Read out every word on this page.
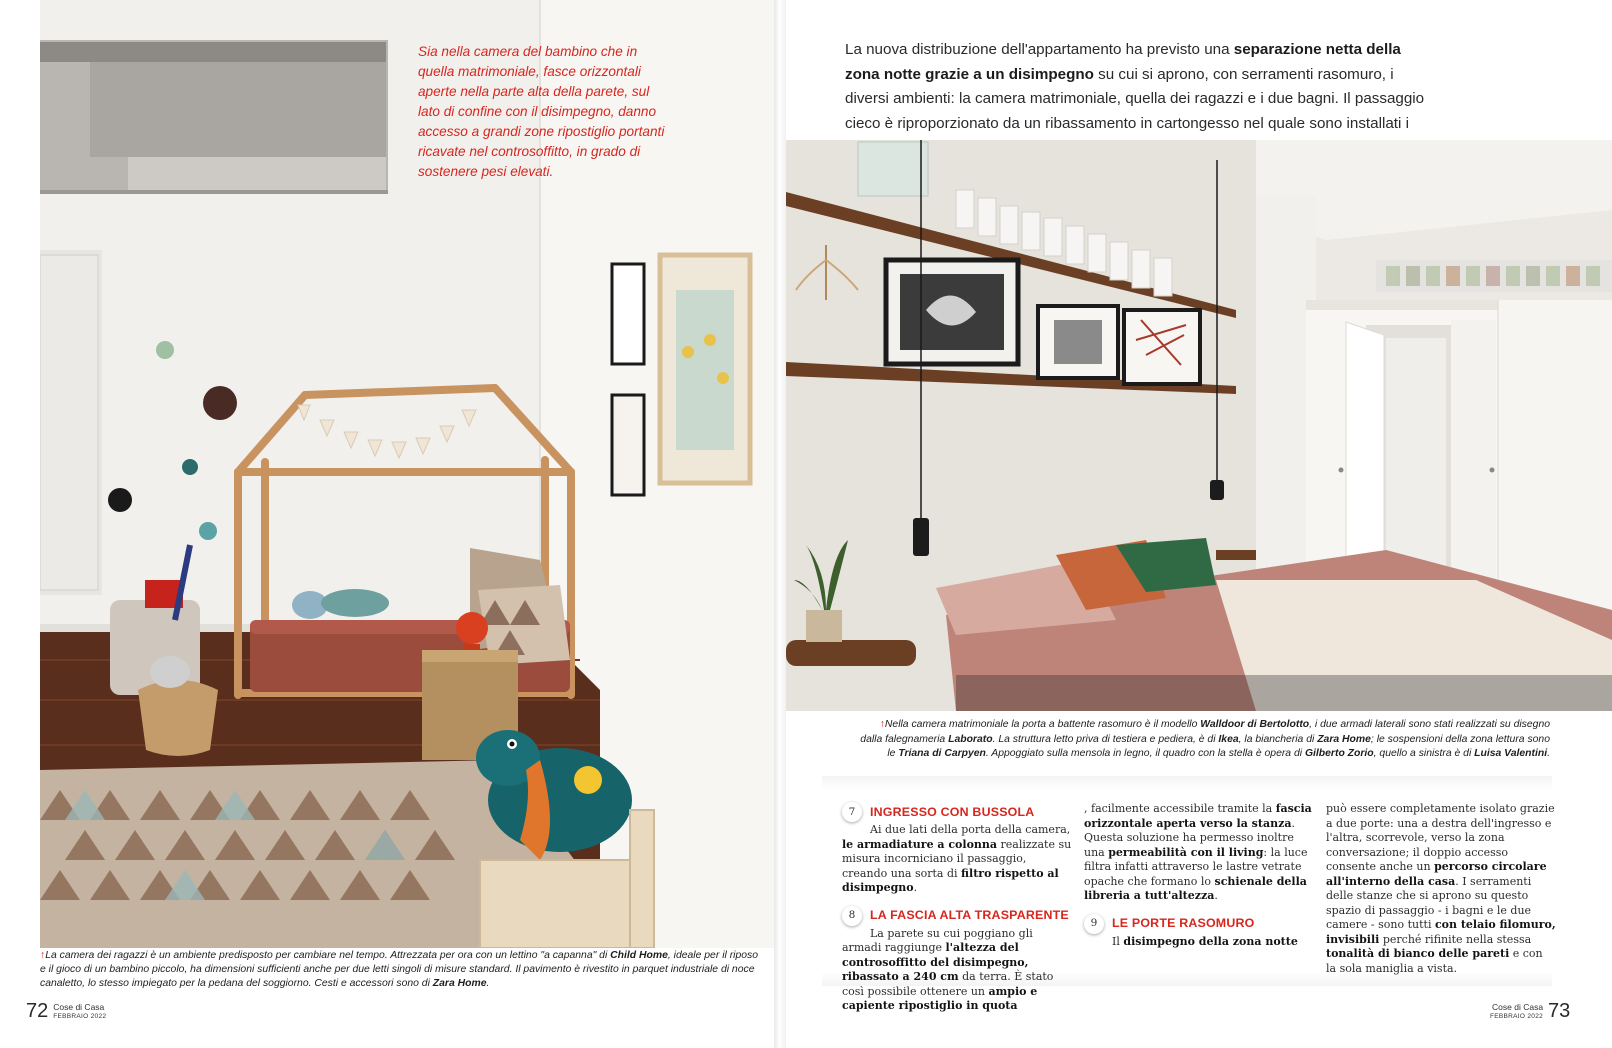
Sia nella camera del bambino che in quella matrimoniale, fasce orizzontali aperte nella parte alta della parete, sul lato di confine con il disimpegno, danno accesso a grandi zone ripostiglio portanti ricavate nel controsoffitto, in grado di sostenere pesi elevati.
↑La camera dei ragazzi è un ambiente predisposto per cambiare nel tempo. Attrezzata per ora con un lettino "a capanna" di Child Home, ideale per il riposo e il gioco di un bambino piccolo, ha dimensioni sufficienti anche per due letti singoli di misure standard. Il pavimento è rivestito in parquet industriale di noce canaletto, lo stesso impiegato per la pedana del soggiorno. Cesti e accessori sono di Zara Home.
72 Cose di Casa
FEBBRAIO 2022
La nuova distribuzione dell'appartamento ha previsto una separazione netta della zona notte grazie a un disimpegno su cui si aprono, con serramenti rasomuro, i diversi ambienti: la camera matrimoniale, quella dei ragazzi e i due bagni. Il passaggio cieco è riproporzionato da un ribassamento in cartongesso nel quale sono installati i
↑Nella camera matrimoniale la porta a battente rasomuro è il modello Walldoor di Bertolotto, i due armadi laterali sono stati realizzati su disegno dalla falegnameria Laborato. La struttura letto priva di testiera e pediera, è di Ikea, la biancheria di Zara Home; le sospensioni della zona lettura sono le Triana di Carpyen. Appoggiato sulla mensola in legno, il quadro con la stella è opera di Gilberto Zorio, quello a sinistra è di Luisa Valentini.
7	INGRESSO CON BUSSOLA
Ai due lati della porta della camera, le armadiature a colonna realizzate su misura incorniciano il passaggio, creando una sorta di filtro rispetto al disimpegno.
8	LA FASCIA ALTA TRASPARENTE
La parete su cui poggiano gli armadi raggiunge l'altezza del controsoffitto del disimpegno, ribassato a 240 cm da terra. È stato così possibile ottenere un ampio e capiente ripostiglio in quota
, facilmente accessibile tramite la fascia orizzontale aperta verso la stanza. Questa soluzione ha permesso inoltre una permeabilità con il living: la luce filtra infatti attraverso le lastre vetrate opache che formano lo schienale della libreria a tutt'altezza.
9	LE PORTE RASOMURO
Il disimpegno della zona notte
può essere completamente isolato grazie a due porte: una a destra dell'ingresso e l'altra, scorrevole, verso la zona conversazione; il doppio accesso consente anche un percorso circolare all'interno della casa. I serramenti delle stanze che si aprono su questo spazio di passaggio - i bagni e le due camere - sono tutti con telaio filomuro, invisibili perché rifinite nella stessa tonalità di bianco delle pareti e con la sola maniglia a vista.
Cose di Casa
FEBBRAIO 2022 73
